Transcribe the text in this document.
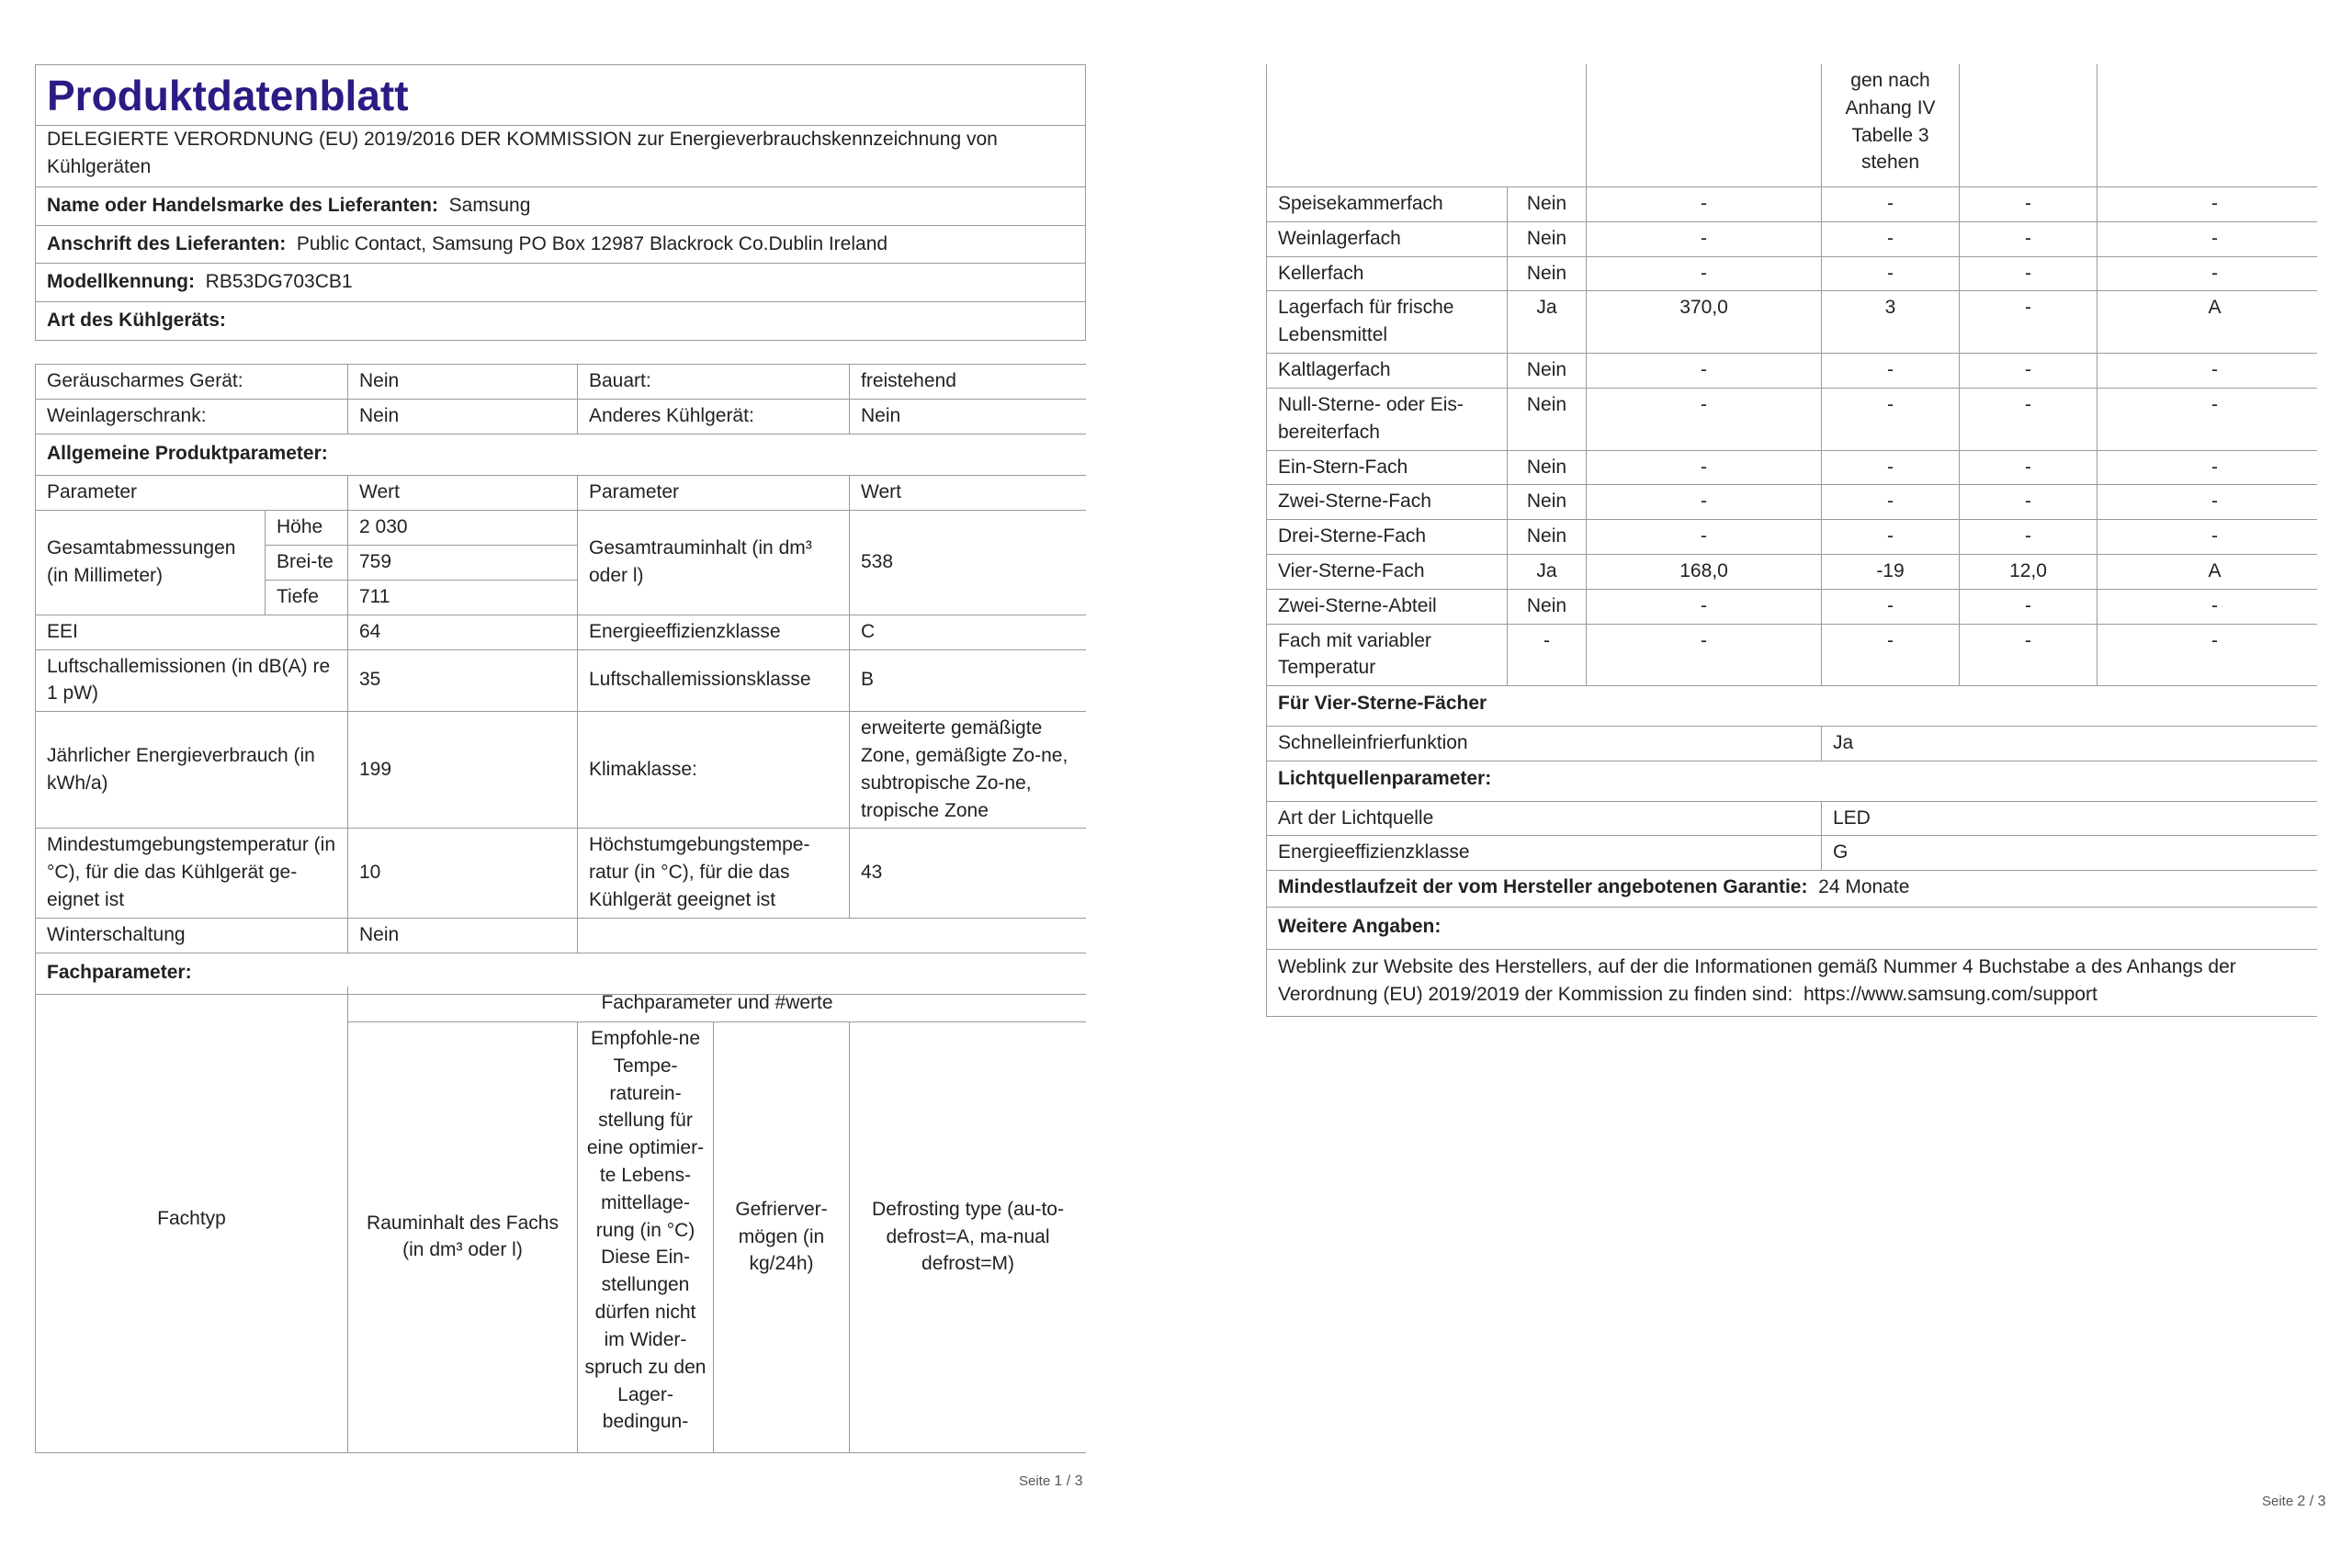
Produktdatenblatt
DELEGIERTE VERORDNUNG (EU) 2019/2016 DER KOMMISSION zur Energieverbrauchskennzeichnung von Kühlgeräten
Name oder Handelsmarke des Lieferanten: Samsung
Anschrift des Lieferanten: Public Contact, Samsung PO Box 12987 Blackrock Co.Dublin Ireland
Modellkennung: RB53DG703CB1
Art des Kühlgeräts:
Geräuscharmes Gerät:		Nein	Bauart:	freistehend
Weinlagerschrank:		Nein	Anderes Kühlgerät:	Nein
Allgemeine Produktparameter:				
Parameter		Wert	Parameter	Wert
Gesamtabmessungen (in Millimeter)	Höhe	2 030	Gesamtrauminhalt (in dm³ oder l)	538
	Brei-te	759		
	Tiefe	711		
EEI		64	Energieeffizienzklasse	C
Luftschallemissionen (in dB(A) re 1 pW)		35	Luftschallemissionsklasse	B
Jährlicher Energieverbrauch (in kWh/a)		199	Klimaklasse:	erweiterte gemäßigte Zone, gemäßigte Zo-ne, subtropische Zo-ne, tropische Zone
Mindestumgebungstemperatur (in °C), für die das Kühlgerät ge-eignet ist		10	Höchstumgebungstempe-ratur (in °C), für die das Kühlgerät geeignet ist	43
Winterschaltung		Nein		
Fachparameter:				
Fachtyp	Fachparameter und #werte			
	Rauminhalt des Fachs (in dm³ oder l)	Empfohle-ne Tempe-raturein-stellung für eine optimier-te Lebens-mittellage-rung (in °C) Diese Ein-stellungen dürfen nicht im Wider-spruch zu den Lager-bedingun-	Gefrierver-mögen (in kg/24h)	Defrosting type (au-to-defrost=A, ma-nual defrost=M)
Seite 1 / 3
			gen nach Anhang IV Tabelle 3 stehen		
Speisekammerfach	Nein	-	-	-	-
Weinlagerfach	Nein	-	-	-	-
Kellerfach	Nein	-	-	-	-
Lagerfach für frische Lebensmittel	Ja	370,0	3	-	A
Kaltlagerfach	Nein	-	-	-	-
Null-Sterne- oder Eis-bereiterfach	Nein	-	-	-	-
Ein-Stern-Fach	Nein	-	-	-	-
Zwei-Sterne-Fach	Nein	-	-	-	-
Drei-Sterne-Fach	Nein	-	-	-	-
Vier-Sterne-Fach	Ja	168,0	-19	12,0	A
Zwei-Sterne-Abteil	Nein	-	-	-	-
Fach mit variabler Temperatur	-	-	-	-	-
Für Vier-Sterne-Fächer	
Schnelleinfrierfunktion	Ja
Lichtquellenparameter:	
Art der Lichtquelle	LED
Energieeffizienzklasse	G
Mindestlaufzeit der vom Hersteller angebotenen Garantie: 24 Monate	
Weitere Angaben:	
Weblink zur Website des Herstellers, auf der die Informationen gemäß Nummer 4 Buchstabe a des Anhangs der Verordnung (EU) 2019/2019 der Kommission zu finden sind: https://www.samsung.com/support	
Seite 2 / 3
